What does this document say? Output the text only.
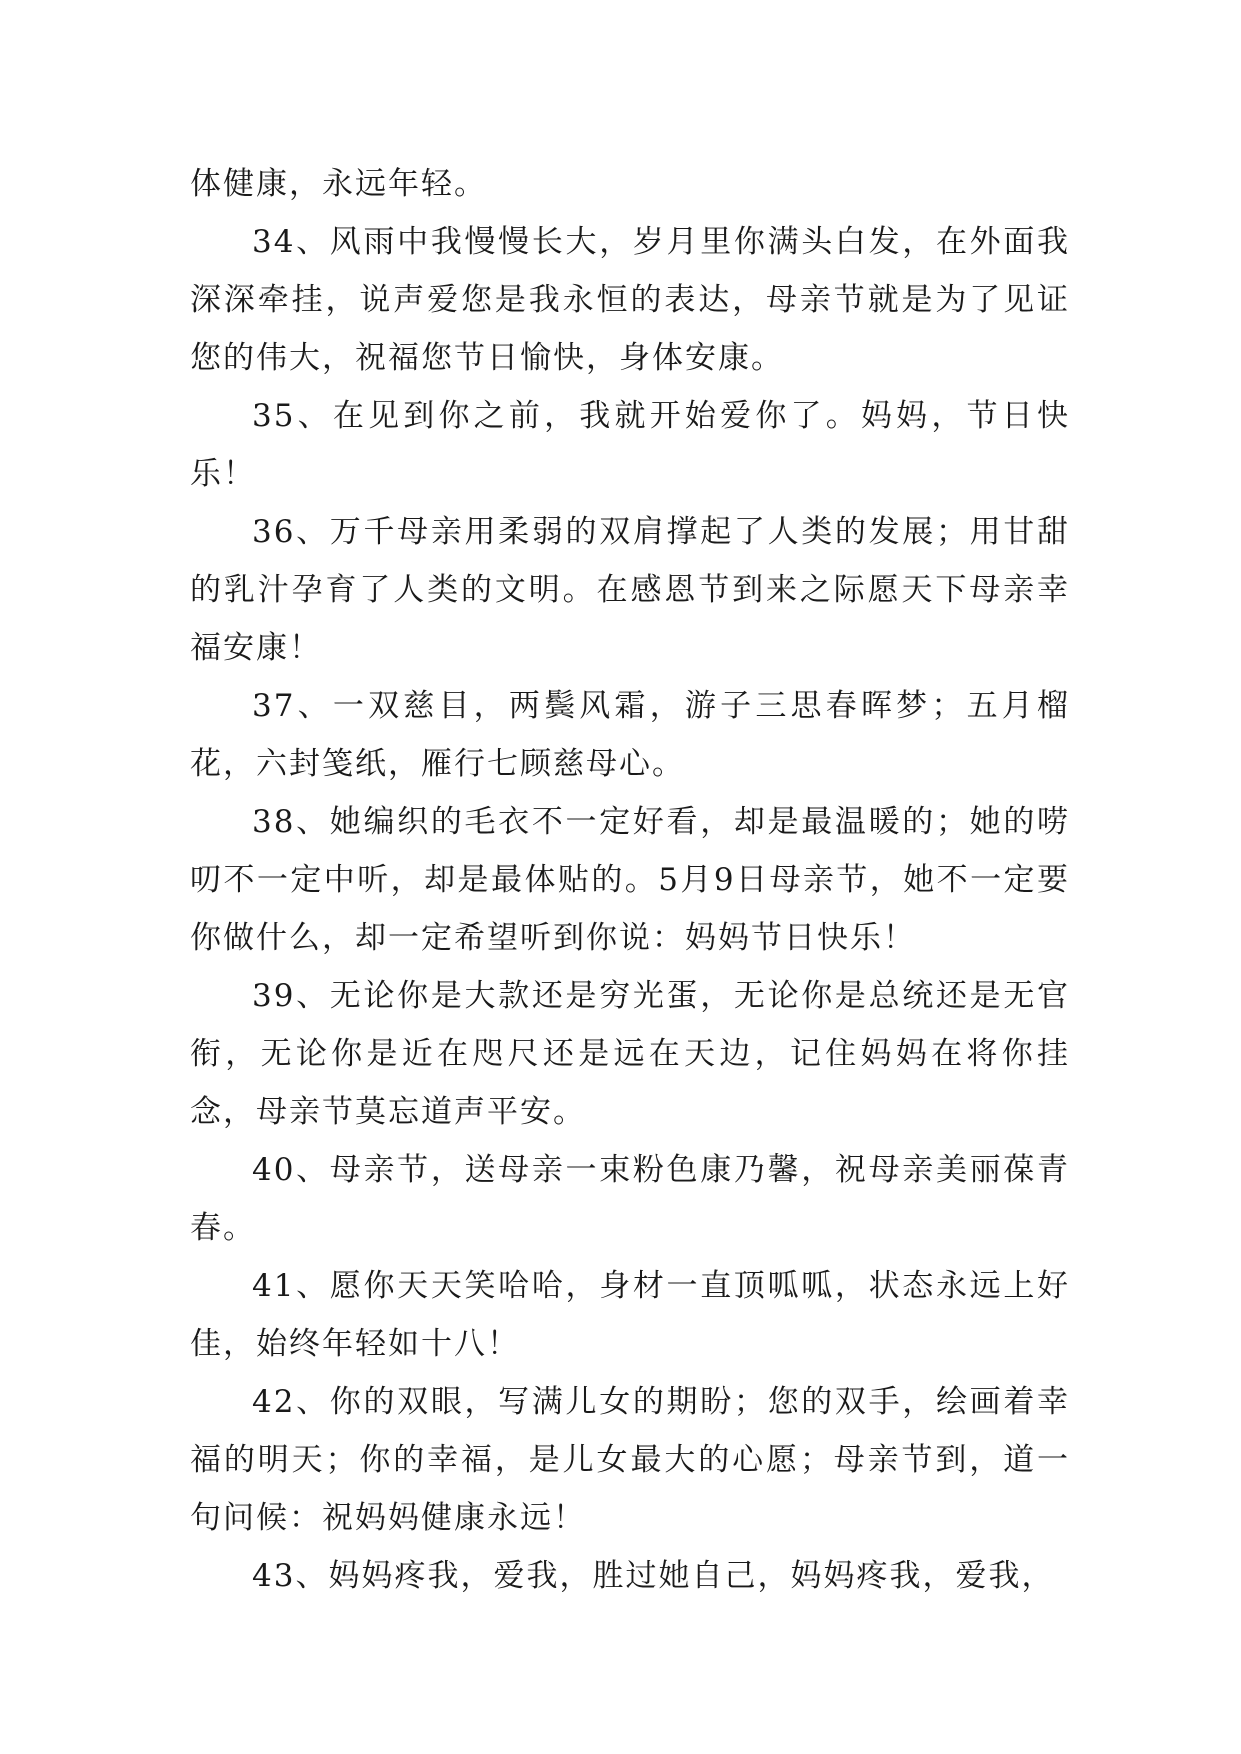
体健康，永远年轻。

34、风雨中我慢慢长大，岁月里你满头白发，在外面我深深牵挂，说声爱您是我永恒的表达，母亲节就是为了见证您的伟大，祝福您节日愉快，身体安康。

35、在见到你之前，我就开始爱你了。妈妈，节日快乐！

36、万千母亲用柔弱的双肩撑起了人类的发展；用甘甜的乳汁孕育了人类的文明。在感恩节到来之际愿天下母亲幸福安康！

37、一双慈目，两鬓风霜，游子三思春晖梦；五月榴花，六封笺纸，雁行七顾慈母心。

38、她编织的毛衣不一定好看，却是最温暖的；她的唠叨不一定中听，却是最体贴的。5月9日母亲节，她不一定要你做什么，却一定希望听到你说：妈妈节日快乐！

39、无论你是大款还是穷光蛋，无论你是总统还是无官衔，无论你是近在咫尺还是远在天边，记住妈妈在将你挂念，母亲节莫忘道声平安。

40、母亲节，送母亲一束粉色康乃馨，祝母亲美丽葆青春。

41、愿你天天笑哈哈，身材一直顶呱呱，状态永远上好佳，始终年轻如十八！

42、你的双眼，写满儿女的期盼；您的双手，绘画着幸福的明天；你的幸福，是儿女最大的心愿；母亲节到，道一句问候：祝妈妈健康永远！

43、妈妈疼我，爱我，胜过她自己，妈妈疼我，爱我，
